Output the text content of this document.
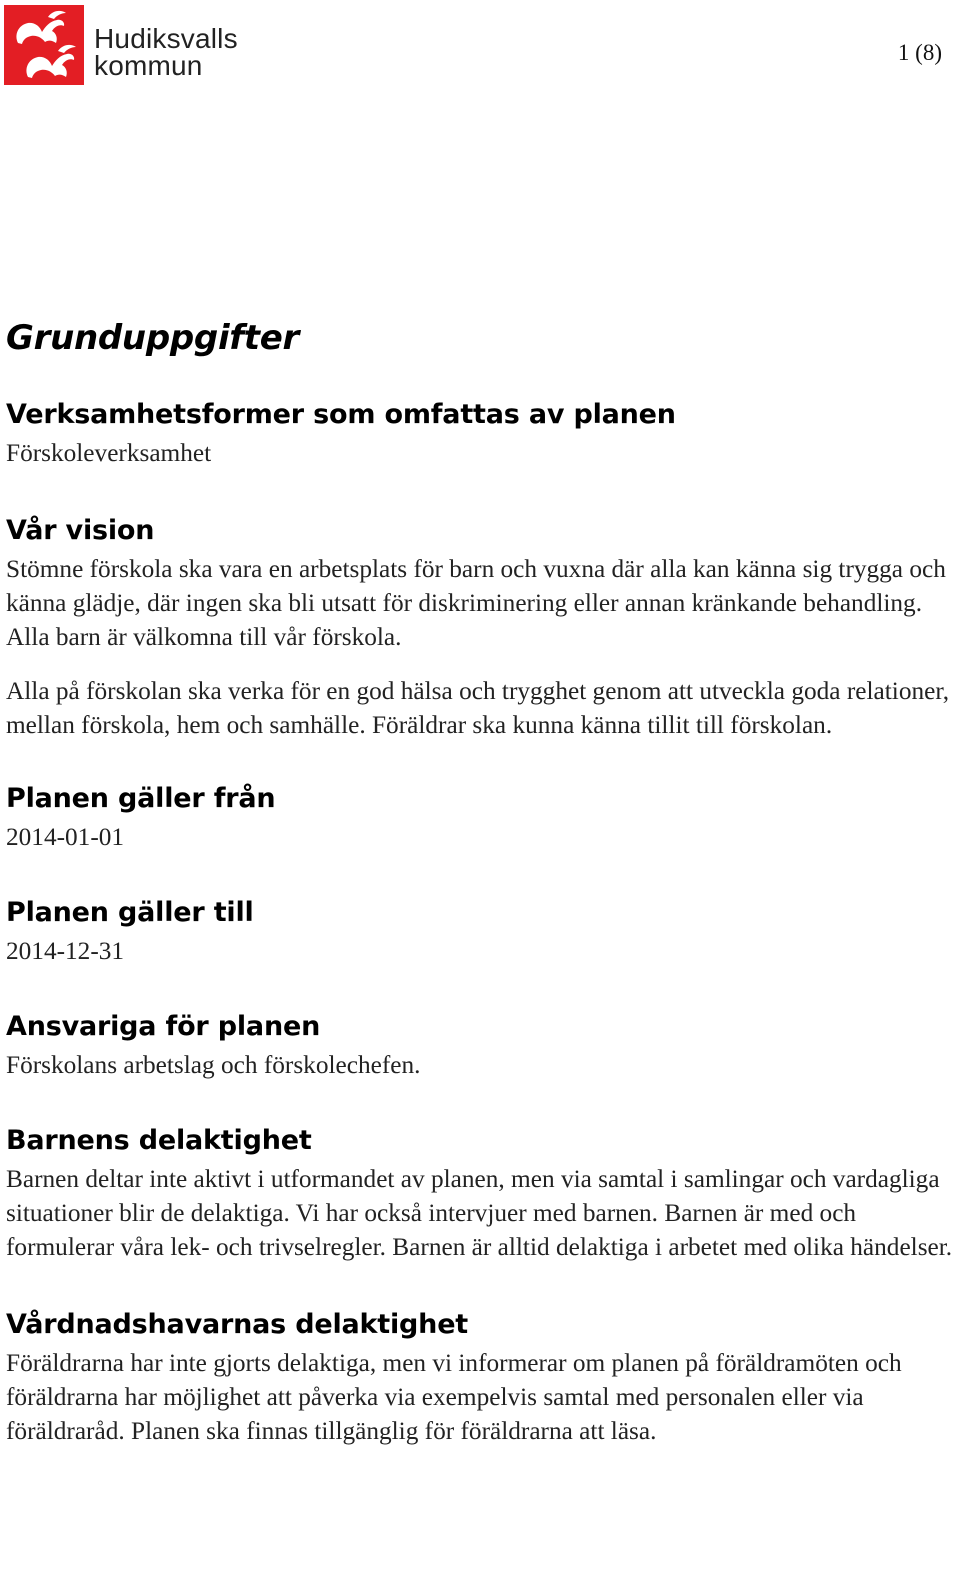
Hudiksvalls
kommun	1 (8)
Grunduppgifter
Verksamhetsformer som omfattas av planen

Förskoleverksamhet

Vår vision

Stömne förskola ska vara en arbetsplats för barn och vuxna där alla kan känna sig trygga och känna glädje, där ingen ska bli utsatt för diskriminering eller annan kränkande behandling. Alla barn är välkomna till vår förskola.

Alla på förskolan ska verka för en god hälsa och trygghet genom att utveckla goda relationer, mellan förskola, hem och samhälle. Föräldrar ska kunna känna tillit till förskolan.

Planen gäller från

2014-01-01

Planen gäller till

2014-12-31

Ansvariga för planen

Förskolans arbetslag och förskolechefen.

Barnens delaktighet

Barnen deltar inte aktivt i utformandet av planen, men via samtal i samlingar och vardagliga situationer blir de delaktiga. Vi har också intervjuer med barnen. Barnen är med och formulerar våra lek- och trivselregler. Barnen är alltid delaktiga i arbetet med olika händelser.

Vårdnadshavarnas delaktighet

Föräldrarna har inte gjorts delaktiga, men vi informerar om planen på föräldramöten och föräldrarna har möjlighet att påverka via exempelvis samtal med personalen eller via föräldraråd. Planen ska finnas tillgänglig för föräldrarna att läsa.
